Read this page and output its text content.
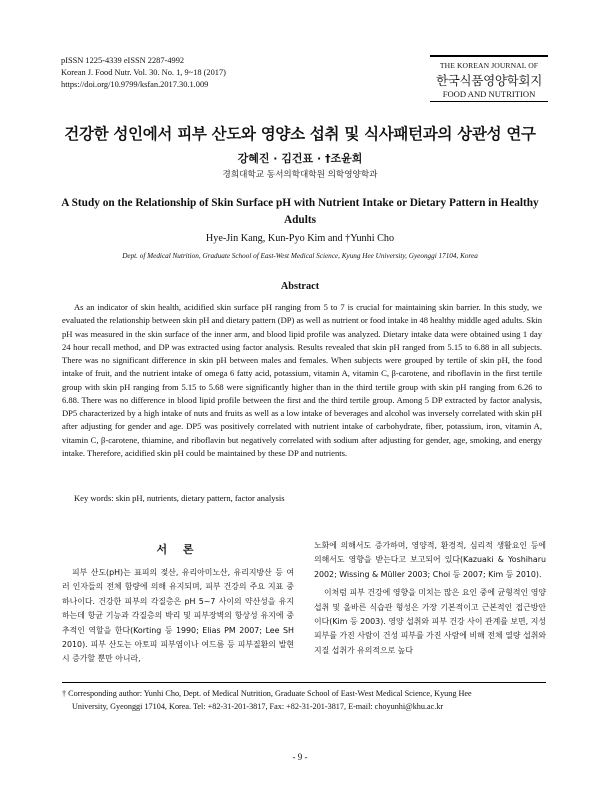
pISSN 1225-4339 eISSN 2287-4992
Korean J. Food Nutr. Vol. 30. No. 1, 9~18 (2017)
https://doi.org/10.9799/ksfan.2017.30.1.009
THE KOREAN JOURNAL OF
한국식품영양학회지
FOOD AND NUTRITION
건강한 성인에서 피부 산도와 영양소 섭취 및 식사패턴과의 상관성 연구
강혜진 · 김건표 · †조윤희
경희대학교 동서의학대학원 의학영양학과
A Study on the Relationship of Skin Surface pH with Nutrient Intake or Dietary Pattern in Healthy Adults
Hye-Jin Kang, Kun-Pyo Kim and †Yunhi Cho
Dept. of Medical Nutrition, Graduate School of East-West Medical Science, Kyung Hee University, Gyeonggi 17104, Korea
Abstract

As an indicator of skin health, acidified skin surface pH ranging from 5 to 7 is crucial for maintaining skin barrier. In this study, we evaluated the relationship between skin pH and dietary pattern (DP) as well as nutrient or food intake in 48 healthy middle aged adults. Skin pH was measured in the skin surface of the inner arm, and blood lipid profile was analyzed. Dietary intake data were obtained using 1 day 24 hour recall method, and DP was extracted using factor analysis. Results revealed that skin pH ranged from 5.15 to 6.88 in all subjects. There was no significant difference in skin pH between males and females. When subjects were grouped by tertile of skin pH, the food intake of fruit, and the nutrient intake of omega 6 fatty acid, potassium, vitamin A, vitamin C, β-carotene, and riboflavin in the first tertile group with skin pH ranging from 5.15 to 5.68 were significantly higher than in the third tertile group with skin pH ranging from 6.26 to 6.88. There was no difference in blood lipid profile between the first and the third tertile group. Among 5 DP extracted by factor analysis, DP5 characterized by a high intake of nuts and fruits as well as a low intake of beverages and alcohol was inversely correlated with skin pH after adjusting for gender and age. DP5 was positively correlated with nutrient intake of carbohydrate, fiber, potassium, iron, vitamin A, vitamin C, β-carotene, thiamine, and riboflavin but negatively correlated with sodium after adjusting for gender, age, smoking, and energy intake. Therefore, acidified skin pH could be maintained by these DP and nutrients.

Key words: skin pH, nutrients, dietary pattern, factor analysis
서 론

피부 산도(pH)는 표피의 젖산, 유리아미노산, 유리지방산 등 여러 인자들의 전체 함량에 의해 유지되며, 피부 건강의 주요 지표 중 하나이다. 건강한 피부의 각질층은 pH 5~7 사이의 약산성을 유지하는데 항균 기능과 각질층의 박리 및 피부장벽의 항상성 유지에 중추적인 역할을 한다(Korting 등 1990; Elias PM 2007; Lee SH 2010). 피부 산도는 아토피 피부염이나 여드름 등 피부질환의 발현 시 증가할 뿐만 아니라,

노화에 의해서도 증가하며, 영양적, 환경적, 심리적 생활요인 등에 의해서도 영향을 받는다고 보고되어 있다(Kazuaki & Yoshiharu 2002; Wissing & Müller 2003; Choi 등 2007; Kim 등 2010).

이처럼 피부 건강에 영향을 미치는 많은 요인 중에 균형적인 영양 섭취 및 올바른 식습관 형성은 가장 기본적이고 근본적인 접근방안이다(Kim 등 2003). 영양 섭취와 피부 건강 사이 관계를 보면, 지성 피부를 가진 사람이 건성 피부를 가진 사람에 비해 전체 열량 섭취와 지질 섭취가 유의적으로 높다

† Corresponding author: Yunhi Cho, Dept. of Medical Nutrition, Graduate School of East-West Medical Science, Kyung Hee
University, Gyeonggi 17104, Korea. Tel: +82-31-201-3817, Fax: +82-31-201-3817, E-mail: choyunhi@khu.ac.kr
- 9 -
